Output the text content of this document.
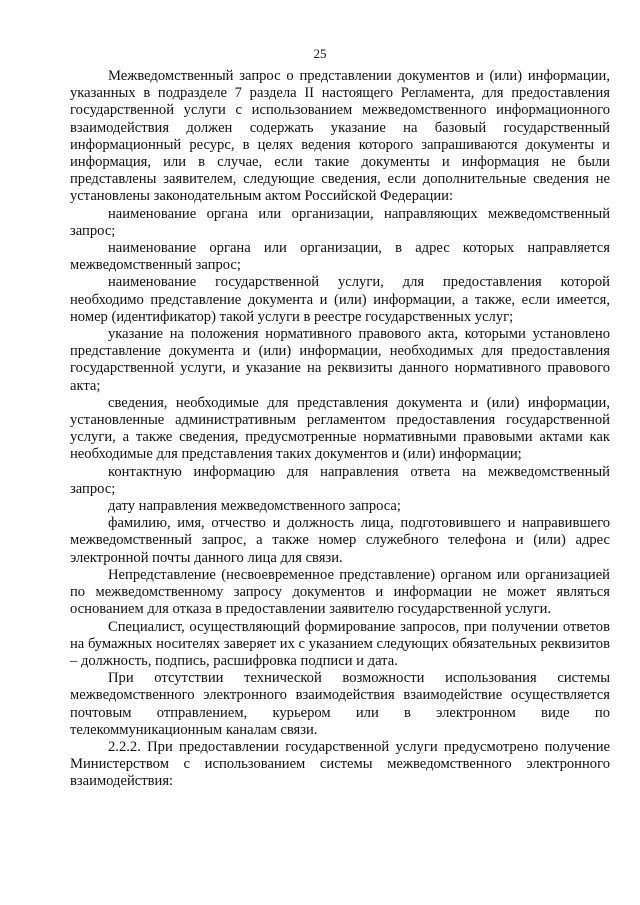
25

Межведомственный запрос о представлении документов и (или) информации, указанных в подразделе 7 раздела II настоящего Регламента, для предоставления государственной услуги с использованием межведомственного информационного взаимодействия должен содержать указание на базовый государственный информационный ресурс, в целях ведения которого запрашиваются документы и информация, или в случае, если такие документы и информация не были представлены заявителем, следующие сведения, если дополнительные сведения не установлены законодательным актом Российской Федерации:

наименование органа или организации, направляющих межведомственный запрос;

наименование органа или организации, в адрес которых направляется межведомственный запрос;

наименование государственной услуги, для предоставления которой необходимо представление документа и (или) информации, а также, если имеется, номер (идентификатор) такой услуги в реестре государственных услуг;

указание на положения нормативного правового акта, которыми установлено представление документа и (или) информации, необходимых для предоставления государственной услуги, и указание на реквизиты данного нормативного правового акта;

сведения, необходимые для представления документа и (или) информации, установленные административным регламентом предоставления государственной услуги, а также сведения, предусмотренные нормативными правовыми актами как необходимые для представления таких документов и (или) информации;

контактную информацию для направления ответа на межведомственный запрос;

дату направления межведомственного запроса;

фамилию, имя, отчество и должность лица, подготовившего и направившего межведомственный запрос, а также номер служебного телефона и (или) адрес электронной почты данного лица для связи.

Непредставление (несвоевременное представление) органом или организацией по межведомственному запросу документов и информации не может являться основанием для отказа в предоставлении заявителю государственной услуги.

Специалист, осуществляющий формирование запросов, при получении ответов на бумажных носителях заверяет их с указанием следующих обязательных реквизитов – должность, подпись, расшифровка подписи и дата.

При отсутствии технической возможности использования системы межведомственного электронного взаимодействия взаимодействие осуществляется почтовым отправлением, курьером или в электронном виде по телекоммуникационным каналам связи.

2.2.2. При предоставлении государственной услуги предусмотрено получение Министерством с использованием системы межведомственного электронного взаимодействия:
